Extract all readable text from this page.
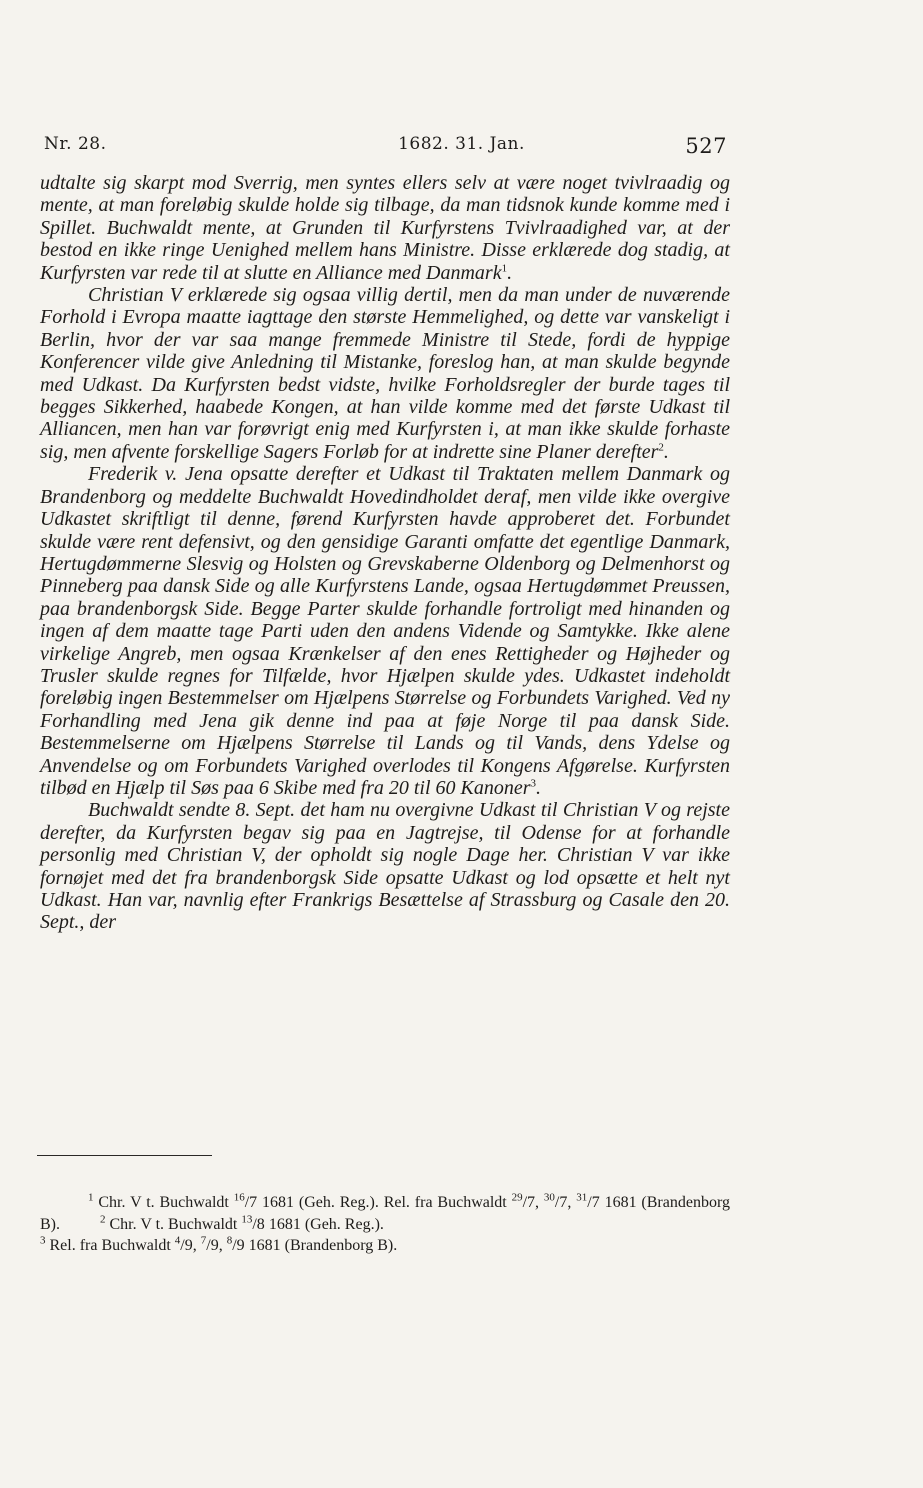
Nr. 28.	1682. 31. Jan.	527

udtalte sig skarpt mod Sverrig, men syntes ellers selv at være noget tvivlraadig og mente, at man foreløbig skulde holde sig tilbage, da man tidsnok kunde komme med i Spillet. Buchwaldt mente, at Grunden til Kurfyrstens Tvivlraadighed var, at der bestod en ikke ringe Uenighed mellem hans Ministre. Disse erklærede dog stadig, at Kurfyrsten var rede til at slutte en Alliance med Danmark$^1$.

Christian V erklærede sig ogsaa villig dertil, men da man under de nuværende Forhold i Evropa maatte iagttage den største Hemmelighed, og dette var vanskeligt i Berlin, hvor der var saa mange fremmede Ministre til Stede, fordi de hyppige Konferencer vilde give Anledning til Mistanke, foreslog han, at man skulde begynde med Udkast. Da Kurfyrsten bedst vidste, hvilke Forholdsregler der burde tages til begges Sikkerhed, haabede Kongen, at han vilde komme med det første Udkast til Alliancen, men han var forøvrigt enig med Kurfyrsten i, at man ikke skulde forhaste sig, men afvente forskellige Sagers Forløb for at indrette sine Planer derefter$^2$.

Frederik v. Jena opsatte derefter et Udkast til Traktaten mellem Danmark og Brandenborg og meddelte Buchwaldt Hovedindholdet deraf, men vilde ikke overgive Udkastet skriftligt til denne, førend Kurfyrsten havde approberet det. Forbundet skulde være rent defensivt, og den gensidige Garanti omfatte det egentlige Danmark, Hertugdømmerne Slesvig og Holsten og Grevskaberne Oldenborg og Delmenhorst og Pinneberg paa dansk Side og alle Kurfyrstens Lande, ogsaa Hertugdømmet Preussen, paa brandenborgsk Side. Begge Parter skulde forhandle fortroligt med hinanden og ingen af dem maatte tage Parti uden den andens Vidende og Samtykke. Ikke alene virkelige Angreb, men ogsaa Krænkelser af den enes Rettigheder og Højheder og Trusler skulde regnes for Tilfælde, hvor Hjælpen skulde ydes. Udkastet indeholdt foreløbig ingen Bestemmelser om Hjælpens Størrelse og Forbundets Varighed. Ved ny Forhandling med Jena gik denne ind paa at føje Norge til paa dansk Side. Bestemmelserne om Hjælpens Størrelse til Lands og til Vands, dens Ydelse og Anvendelse og om Forbundets Varighed overlodes til Kongens Afgørelse. Kurfyrsten tilbød en Hjælp til Søs paa 6 Skibe med fra 20 til 60 Kanoner$^3$.

Buchwaldt sendte 8. Sept. det ham nu overgivne Udkast til Christian V og rejste derefter, da Kurfyrsten begav sig paa en Jagtrejse, til Odense for at forhandle personlig med Christian V, der opholdt sig nogle Dage her. Christian V var ikke fornøjet med det fra brandenborgsk Side opsatte Udkast og lod opsætte et helt nyt Udkast. Han var, navnlig efter Frankrigs Besættelse af Strassburg og Casale den 20. Sept., der

$^1$ Chr. V t. Buchwaldt $^{16}$/7 1681 (Geh. Reg.). Rel. fra Buchwaldt $^{29}$/7, $^{30}$/7, $^{31}$/7 1681 (Brandenborg B).	$^2$ Chr. V t. Buchwaldt $^{13}$/8 1681 (Geh. Reg.).

$^3$ Rel. fra Buchwaldt $^4$/9, $^7$/9, $^8$/9 1681 (Brandenborg B).
